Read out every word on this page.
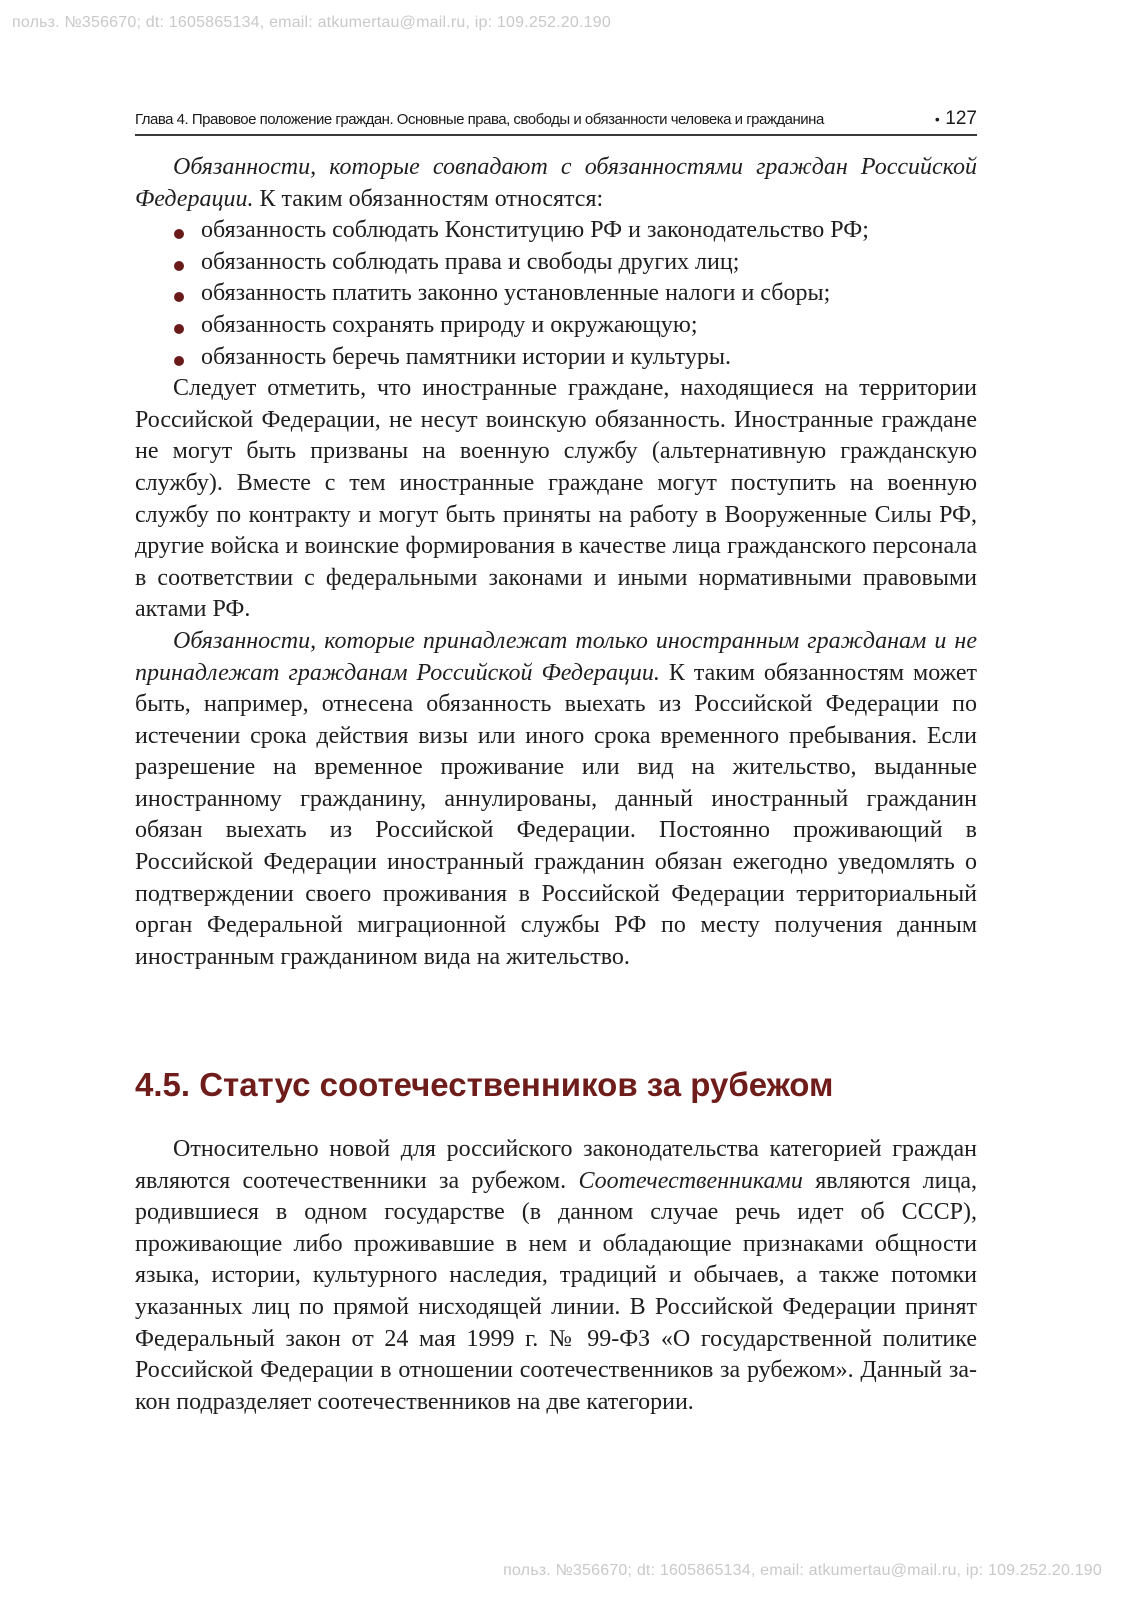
польз. №356670; dt: 1605865134, email: atkumertau@mail.ru, ip: 109.252.20.190
Глава 4. Правовое положение граждан. Основные права, свободы и обязанности человека и гражданина	• 127

Обязанности, которые совпадают с обязанностями граждан Российской Федерации. К таким обязанностям относятся:

обязанность соблюдать Конституцию РФ и законодательство РФ;
обязанность соблюдать права и свободы других лиц;
обязанность платить законно установленные налоги и сборы;
обязанность сохранять природу и окружающую;
обязанность беречь памятники истории и культуры.

Следует отметить, что иностранные граждане, находящиеся на территории Российской Федерации, не несут воинскую обязанность. Иностранные граждане не могут быть призваны на военную службу (альтернативную гражданскую службу). Вместе с тем иностранные граждане могут поступить на военную службу по контракту и могут быть приняты на работу в Вооруженные Силы РФ, другие войска и воинские формирования в качестве лица гражданского персонала в соответствии с федеральными законами и иными нормативными правовыми актами РФ.

Обязанности, которые принадлежат только иностранным гражданам и не принадлежат гражданам Российской Федерации. К таким обязанностям может быть, например, отнесена обязанность выехать из Российской Федерации по истечении срока действия визы или иного срока временного пребывания. Если разрешение на временное проживание или вид на жительство, выданные иностранному гражданину, аннулированы, данный иностранный гражданин обязан выехать из Российской Федерации. Постоянно проживающий в Российской Федерации иностранный гражданин обязан ежегодно уведомлять о подтверждении своего проживания в Российской Федерации территориальный орган Федеральной миграционной службы РФ по месту получения данным иностранным гражданином вида на жительство.

4.5. Статус соотечественников за рубежом

Относительно новой для российского законодательства категорией граждан являются соотечественники за рубежом. Соотечественниками являются лица, родившиеся в одном государстве (в данном случае речь идет об СССР), проживающие либо проживавшие в нем и обладающие признаками общности языка, истории, культурного наследия, традиций и обычаев, а также потомки указанных лиц по прямой нисходящей линии. В Российской Федерации принят Федеральный закон от 24 мая 1999 г. № 99-ФЗ «О государственной политике Российской Федерации в отношении соотечественников за рубежом». Данный закон подразделяет соотечественников на две категории.

польз. №356670; dt: 1605865134, email: atkumertau@mail.ru, ip: 109.252.20.190
